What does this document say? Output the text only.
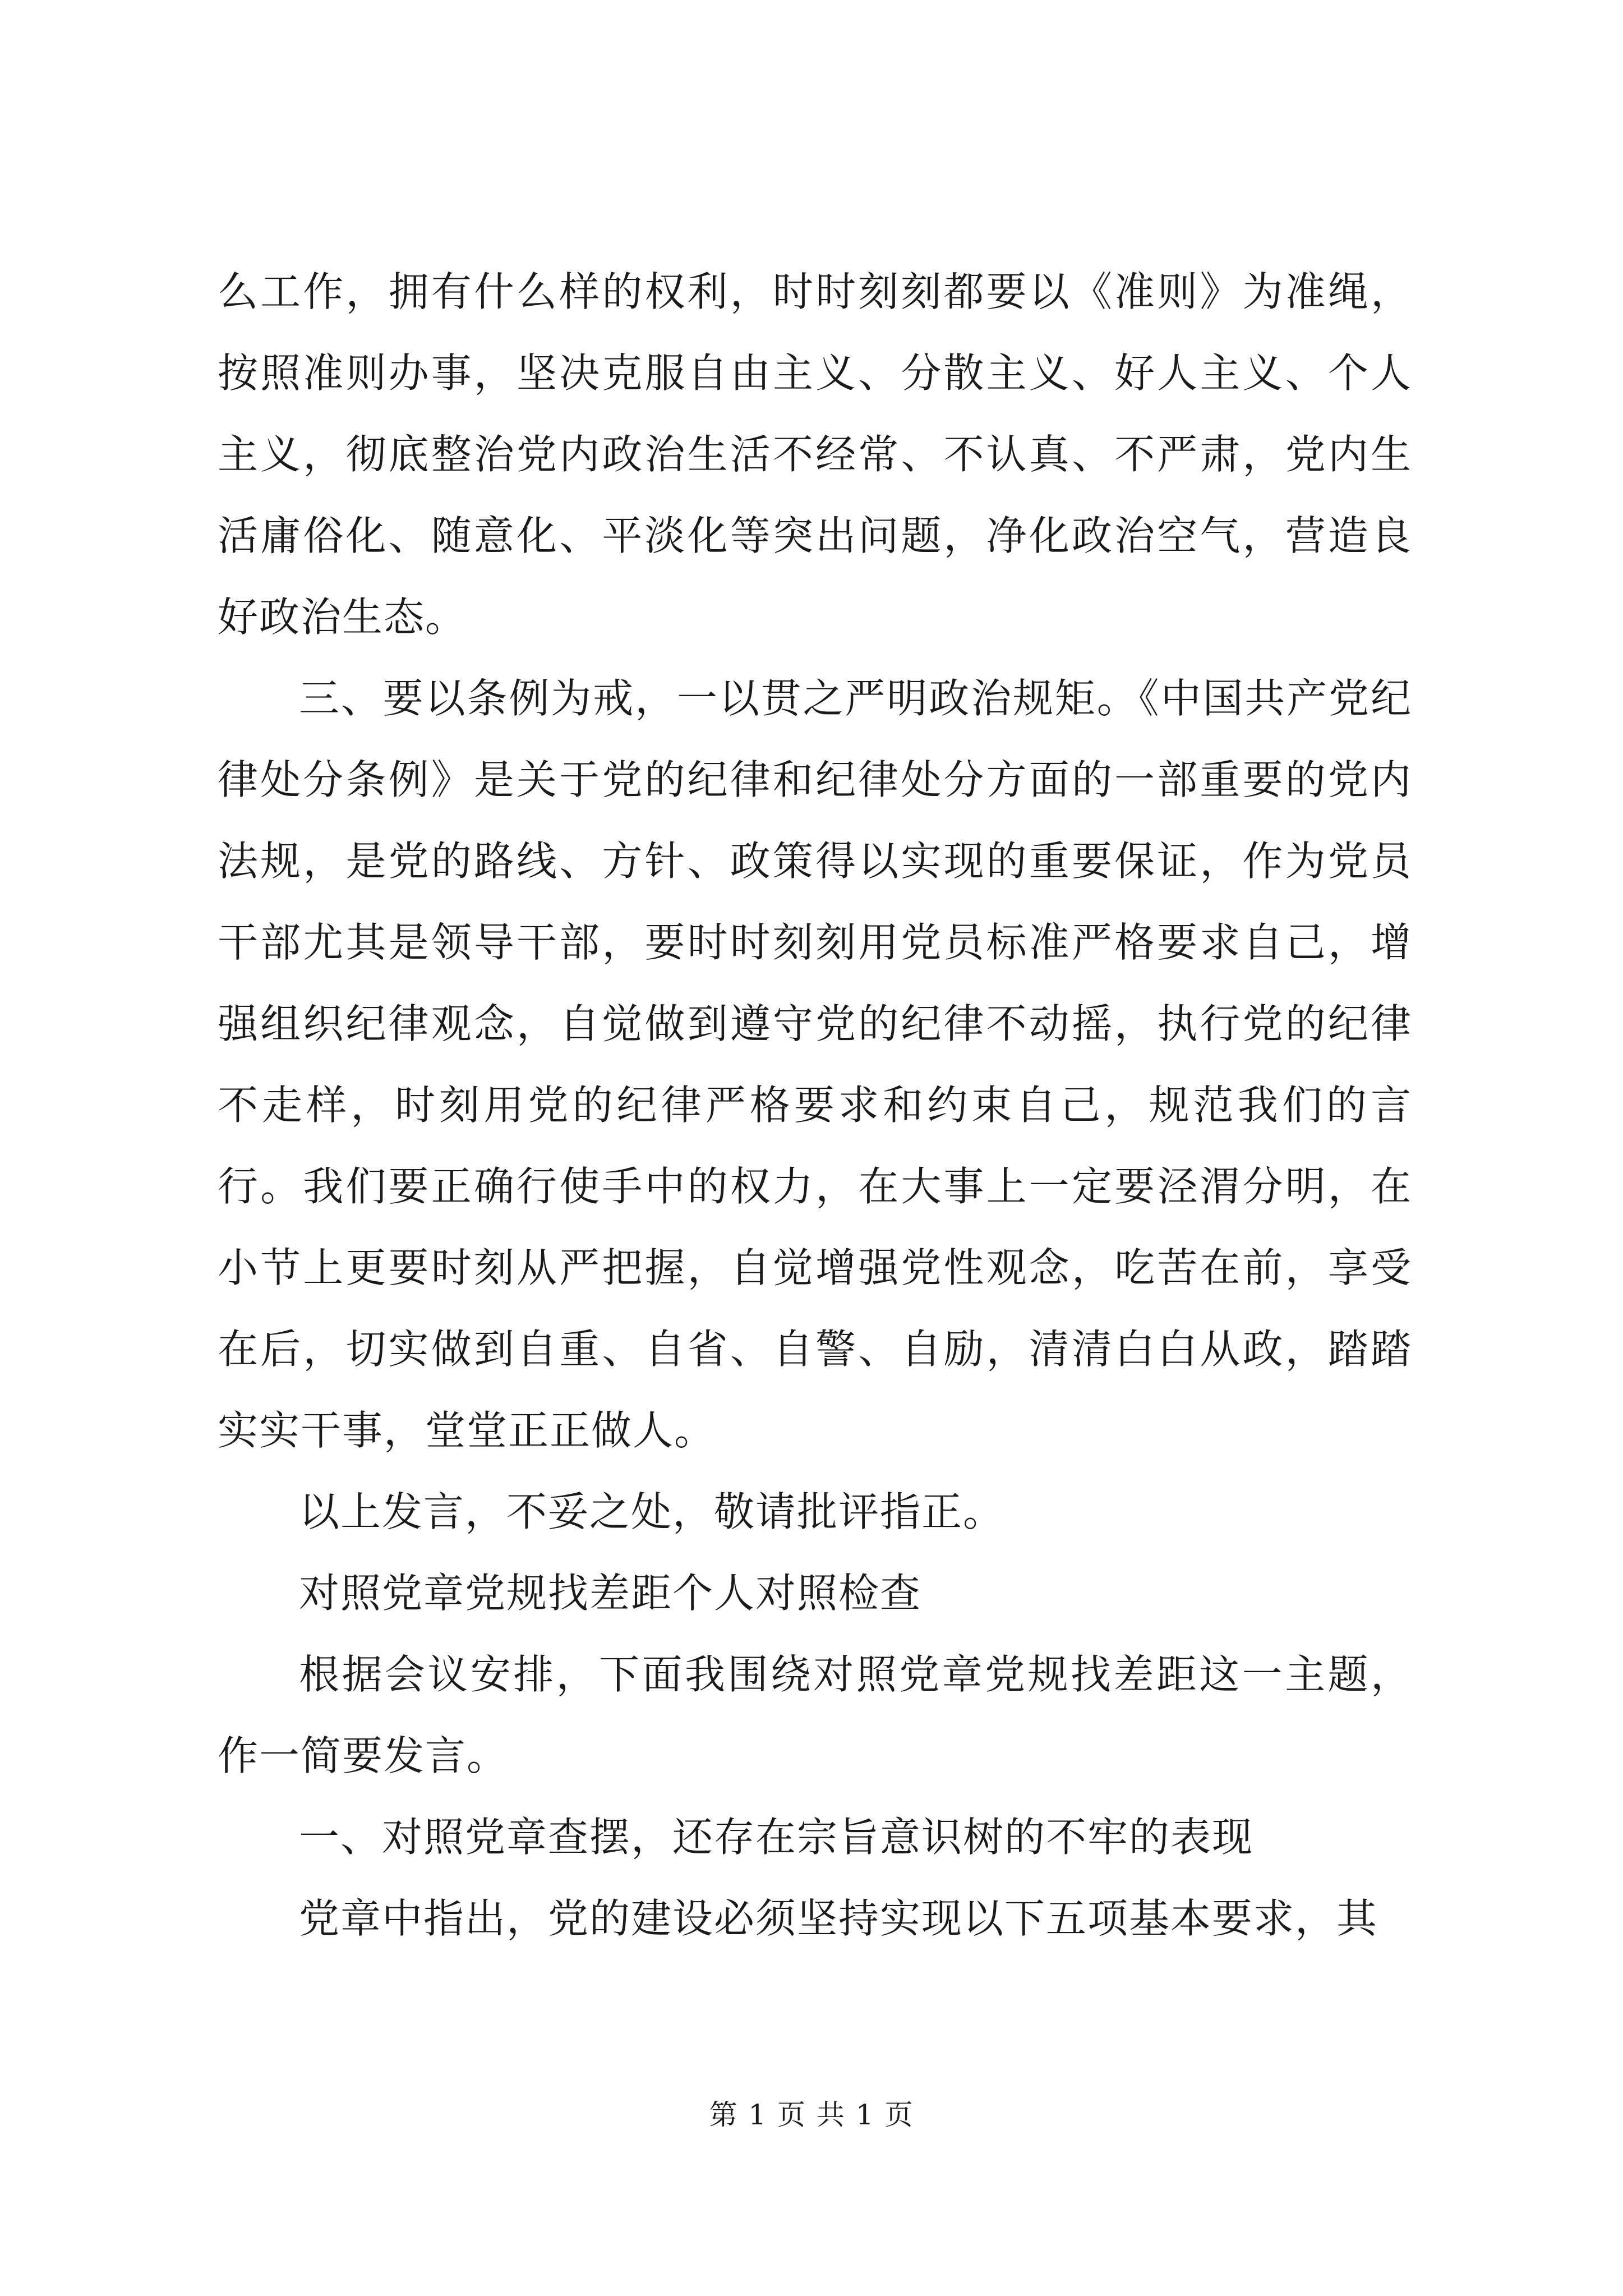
么工作，拥有什么样的权利，时时刻刻都要以《准则》为准绳，按照准则办事，坚决克服自由主义、分散主义、好人主义、个人主义，彻底整治党内政治生活不经常、不认真、不严肃，党内生活庸俗化、随意化、平淡化等突出问题，净化政治空气，营造良好政治生态。

三、要以条例为戒，一以贯之严明政治规矩。《中国共产党纪律处分条例》是关于党的纪律和纪律处分方面的一部重要的党内法规，是党的路线、方针、政策得以实现的重要保证，作为党员干部尤其是领导干部，要时时刻刻用党员标准严格要求自己，增强组织纪律观念，自觉做到遵守党的纪律不动摇，执行党的纪律不走样，时刻用党的纪律严格要求和约束自己，规范我们的言行。我们要正确行使手中的权力，在大事上一定要泾渭分明，在小节上更要时刻从严把握，自觉增强党性观念，吃苦在前，享受在后，切实做到自重、自省、自警、自励，清清白白从政，踏踏实实干事，堂堂正正做人。

以上发言，不妥之处，敬请批评指正。

对照党章党规找差距个人对照检查

根据会议安排，下面我围绕对照党章党规找差距这一主题，作一简要发言。

一、对照党章查摆，还存在宗旨意识树的不牢的表现

党章中指出，党的建设必须坚持实现以下五项基本要求，其

第 1 页 共 1 页
